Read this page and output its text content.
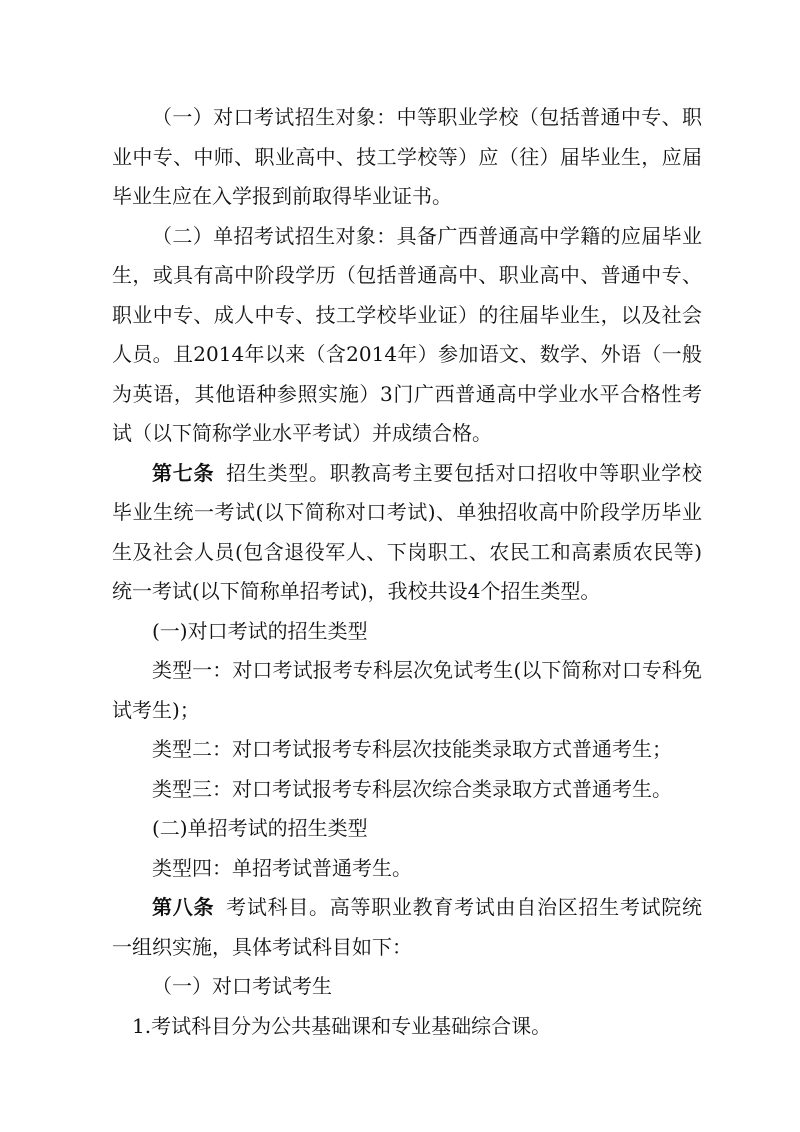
（一）对口考试招生对象：中等职业学校（包括普通中专、职业中专、中师、职业高中、技工学校等）应（往）届毕业生，应届毕业生应在入学报到前取得毕业证书。

（二）单招考试招生对象：具备广西普通高中学籍的应届毕业生，或具有高中阶段学历（包括普通高中、职业高中、普通中专、职业中专、成人中专、技工学校毕业证）的往届毕业生，以及社会人员。且2014年以来（含2014年）参加语文、数学、外语（一般为英语，其他语种参照实施）3门广西普通高中学业水平合格性考试（以下简称学业水平考试）并成绩合格。

第七条 招生类型。职教高考主要包括对口招收中等职业学校毕业生统一考试(以下简称对口考试)、单独招收高中阶段学历毕业生及社会人员(包含退役军人、下岗职工、农民工和高素质农民等)统一考试(以下简称单招考试)，我校共设4个招生类型。

(一)对口考试的招生类型

类型一：对口考试报考专科层次免试考生(以下简称对口专科免试考生)；

类型二：对口考试报考专科层次技能类录取方式普通考生；

类型三：对口考试报考专科层次综合类录取方式普通考生。

(二)单招考试的招生类型

类型四：单招考试普通考生。

第八条 考试科目。高等职业教育考试由自治区招生考试院统一组织实施，具体考试科目如下：

（一）对口考试考生

1.考试科目分为公共基础课和专业基础综合课。
